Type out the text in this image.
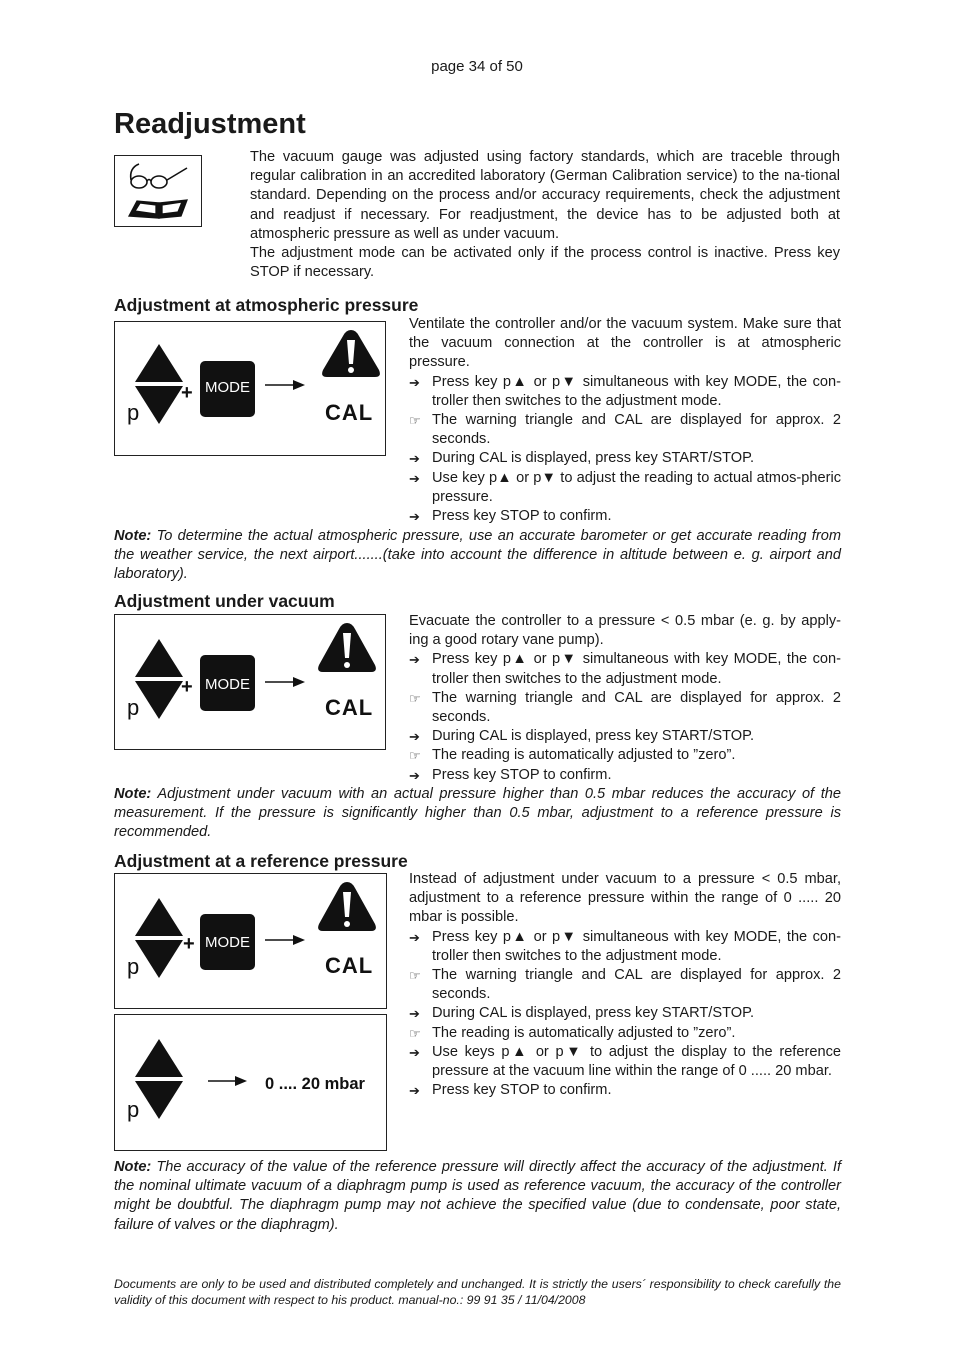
page 34 of 50
Readjustment

The vacuum gauge was adjusted using factory standards, which are traceble through regular calibration in an accredited laboratory (German Calibration service) to the na-tional standard. Depending on the process and/or accuracy requirements, check the adjustment and readjust if necessary. For readjustment, the device has to be adjusted both at atmospheric pressure as well as under vacuum.

The adjustment mode can be activated only if the process control is inactive. Press key STOP if necessary.

Adjustment at atmospheric pressure
p
+ MODE
CAL
Ventilate the controller and/or the vacuum system. Make sure that the vacuum connection at the controller is at atmospheric pressure.
➔ Press key p▲ or p▼ simultaneous with key MODE, the con-troller then switches to the adjustment mode.
☞ The warning triangle and CAL are displayed for approx. 2 seconds.
➔ During CAL is displayed, press key START/STOP.
➔ Use key p▲ or p▼ to adjust the reading to actual atmos-pheric pressure.
➔ Press key STOP to confirm.
Note: To determine the actual atmospheric pressure, use an accurate barometer or get accurate reading from the weather service, the next airport.......(take into account the difference in altitude between e. g. airport and laboratory).
Adjustment under vacuum
p
+ MODE
CAL
Evacuate the controller to a pressure < 0.5 mbar (e. g. by apply-ing a good rotary vane pump).
➔ Press key p▲ or p▼ simultaneous with key MODE, the con-troller then switches to the adjustment mode.
☞ The warning triangle and CAL are displayed for approx. 2 seconds.
➔ During CAL is displayed, press key START/STOP.
☞ The reading is automatically adjusted to ”zero”.
➔ Press key STOP to confirm.
Note: Adjustment under vacuum with an actual pressure higher than 0.5 mbar reduces the accuracy of the measurement. If the pressure is significantly higher than 0.5 mbar, adjustment to a reference pressure is recommended.
Adjustment at a reference pressure
p
+ MODE
CAL
p
0 .... 20 mbar
Instead of adjustment under vacuum to a pressure < 0.5 mbar, adjustment to a reference pressure within the range of 0 ..... 20 mbar is possible.
➔ Press key p▲ or p▼ simultaneous with key MODE, the con-troller then switches to the adjustment mode.
☞ The warning triangle and CAL are displayed for approx. 2 seconds.
➔ During CAL is displayed, press key START/STOP.
☞ The reading is automatically adjusted to ”zero”.
➔ Use keys p▲ or p▼ to adjust the display to the reference pressure at the vacuum line within the range of 0 ..... 20 mbar.
➔ Press key STOP to confirm.
Note: The accuracy of the value of the reference pressure will directly affect the accuracy of the adjustment. If the nominal ultimate vacuum of a diaphragm pump is used as reference vacuum, the accuracy of the controller might be doubtful. The diaphragm pump may not achieve the specified value (due to condensate, poor state, failure of valves or the diaphragm).
Documents are only to be used and distributed completely and unchanged. It is strictly the users´ responsibility to check carefully the validity of this document with respect to his product. manual-no.: 99 91 35 / 11/04/2008
